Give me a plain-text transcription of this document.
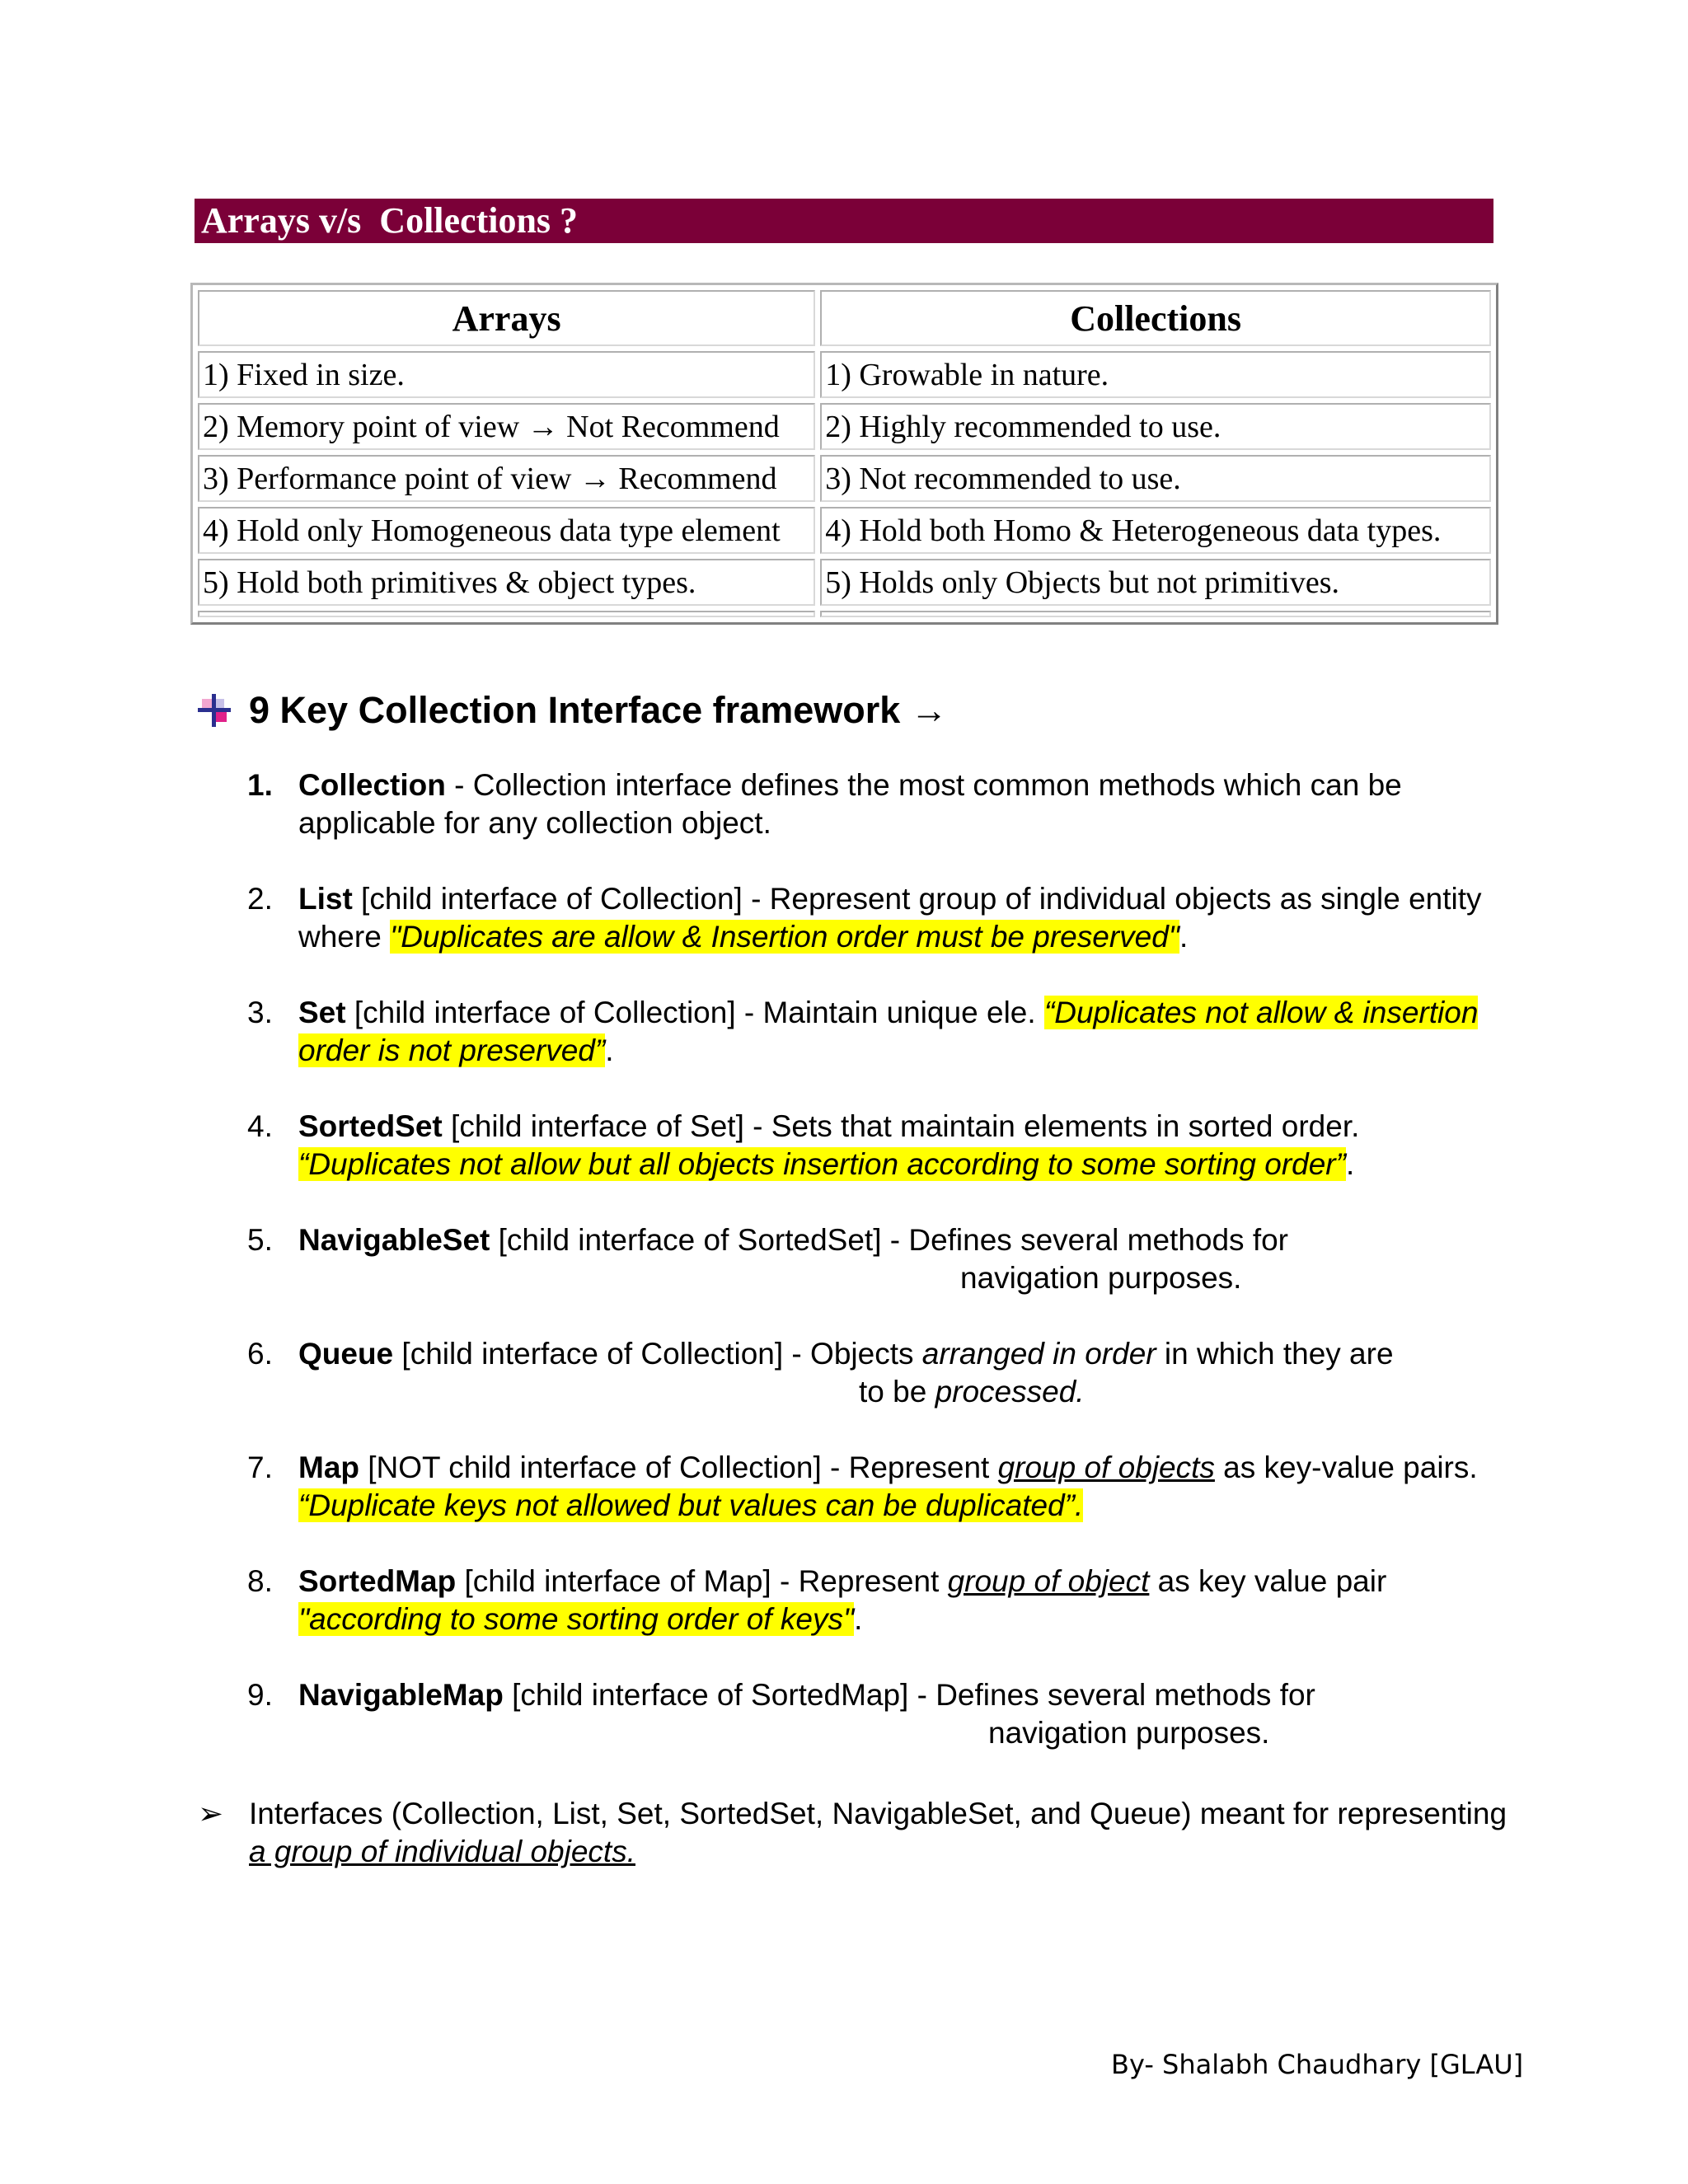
Arrays v/s  Collections ?
Arrays	Collections
1) Fixed in size.	1) Growable in nature.
2) Memory point of view → Not Recommend	2) Highly recommended to use.
3) Performance point of view → Recommend	3) Not recommended to use.
4) Hold only Homogeneous data type element	4) Hold both Homo & Heterogeneous data types.
5) Hold both primitives & object types.	5) Holds only Objects but not primitives.

9 Key Collection Interface framework →
1. Collection - Collection interface defines the most common methods which can be applicable for any collection object.
2. List [child interface of Collection] - Represent group of individual objects as single entity where "Duplicates are allow & Insertion order must be preserved".
3. Set [child interface of Collection] - Maintain unique ele. “Duplicates not allow & insertion order is not preserved”.
4. SortedSet [child interface of Set] - Sets that maintain elements in sorted order.
“Duplicates not allow but all objects insertion according to some sorting order”.
5. NavigableSet [child interface of SortedSet] - Defines several methods for
navigation purposes.
6. Queue [child interface of Collection] - Objects arranged in order in which they are
to be processed.
7. Map [NOT child interface of Collection] - Represent group of objects as key-value pairs. “Duplicate keys not allowed but values can be duplicated”.
8. SortedMap [child interface of Map] - Represent group of object as key value pair
"according to some sorting order of keys".
9. NavigableMap [child interface of SortedMap] - Defines several methods for
navigation purposes.
➢ Interfaces (Collection, List, Set, SortedSet, NavigableSet, and Queue) meant for representing a group of individual objects.
By- Shalabh Chaudhary [GLAU]
